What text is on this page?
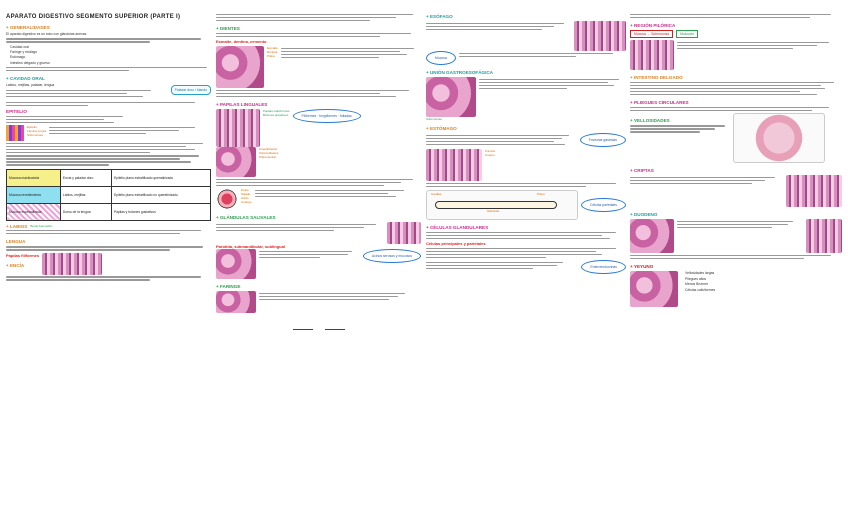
APARATO DIGESTIVO SEGMENTO SUPERIOR (PARTE I)
+ GENERALIDADES
El aparato digestivo es un tubo con glándulas anexas
Cavidad oral
Faringe y esófago
Estómago
Intestino delgado y grueso
+ CAVIDAD ORAL
Labios, mejillas, paladar, lengua
Paladar duro / blando
EPITELIO
Epitelio
Lámina propia
Submucosa
Mucosa masticatoria	Encía y paladar duro	Epitelio plano estratificado queratinizado
Mucosa revestimiento	Labios, mejillas	Epitelio plano estratificado no queratinizado
Mucosa especializada	Dorso de la lengua	Papilas y botones gustativos
+ LABIOS Borde bermellón
LENGUA
Papilas filiformes
+ ENCÍA
+ DIENTES
Esmalte, dentina, cemento
Esmalte
Dentina
Pulpa
+ PAPILAS LINGUALES
Papilas caliciformes
Botones gustativos	Filiformes · fungiformes · foliadas
Ameloblastos
Odontoblastos
Pulpa dental
Dulce
Salado
Ácido
Amargo
+ GLÁNDULAS SALIVALES
Parótida, submandibular, sublingual
Acinos serosos y mucosos
+ FARINGE
+ ESÓFAGO
Mucosa
+ UNIÓN GASTROESOFÁGICA
Submucosa
+ ESTÓMAGO
Foveolas gástricas
Fundus
Cuerpo
Cardias
Glándula
Píloro
Células parietales
+ CÉLULAS GLANDULARES
Células principales y parietales
Enteroendocrinas
+ REGIÓN PILÓRICA
Mucosa → Submucosa	Muscular
+ INTESTINO DELGADO
+ PLIEGUES CIRCULARES
+ VELLOSIDADES
+ CRIPTAS
+ DUODENO
+ YEYUNO
Vellosidades largas
Pliegues altos
Menos Brunner
Células caliciformes
